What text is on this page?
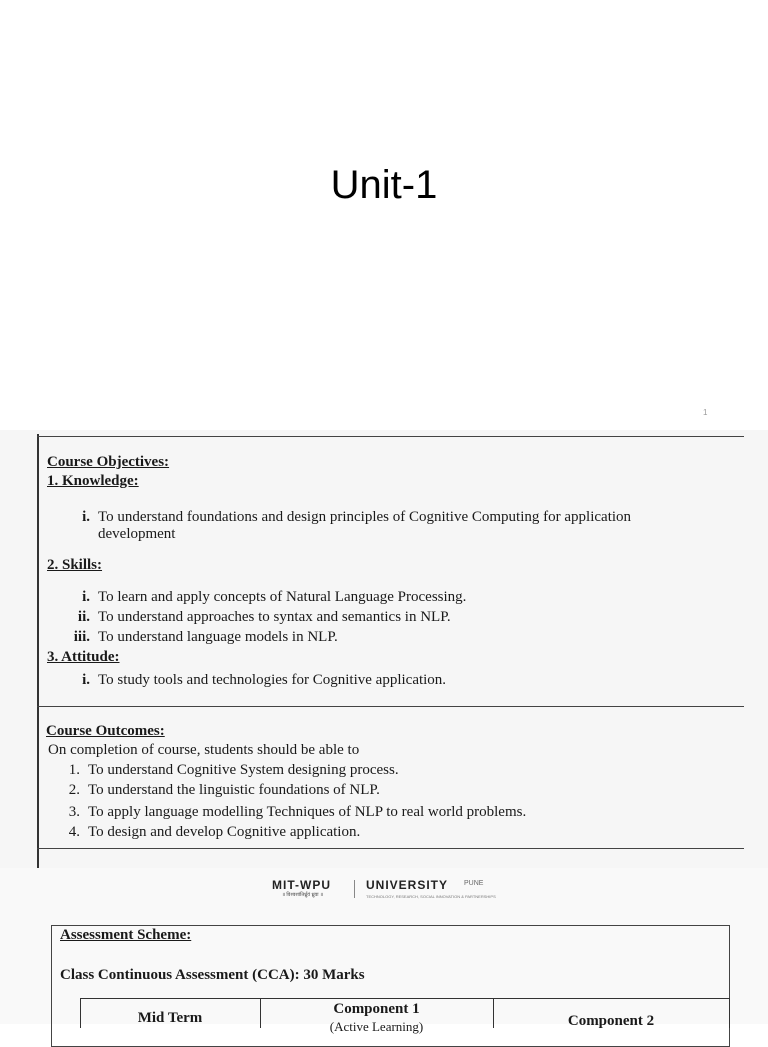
Unit-1
1
Course Objectives:
1. Knowledge:
i. To understand foundations and design principles of Cognitive Computing for application
development
2. Skills:
i. To learn and apply concepts of Natural Language Processing.
ii. To understand approaches to syntax and semantics in NLP.
iii. To understand language models in NLP.
3. Attitude:
i. To study tools and technologies for Cognitive application.
Course Outcomes:
On completion of course, students should be able to
1. To understand Cognitive System designing process.
2. To understand the linguistic foundations of NLP.
3. To apply language modelling Techniques of NLP to real world problems.
4. To design and develop Cognitive application.
MIT-WPU
॥ विश्वशांतिर्ध्रुवं ध्रुवा ॥
UNIVERSITY PUNE
TECHNOLOGY, RESEARCH, SOCIAL INNOVATION & PARTNERSHIPS
Assessment Scheme:
Class Continuous Assessment (CCA): 30 Marks
Mid Term
Component 1
(Active Learning)	Component 2
